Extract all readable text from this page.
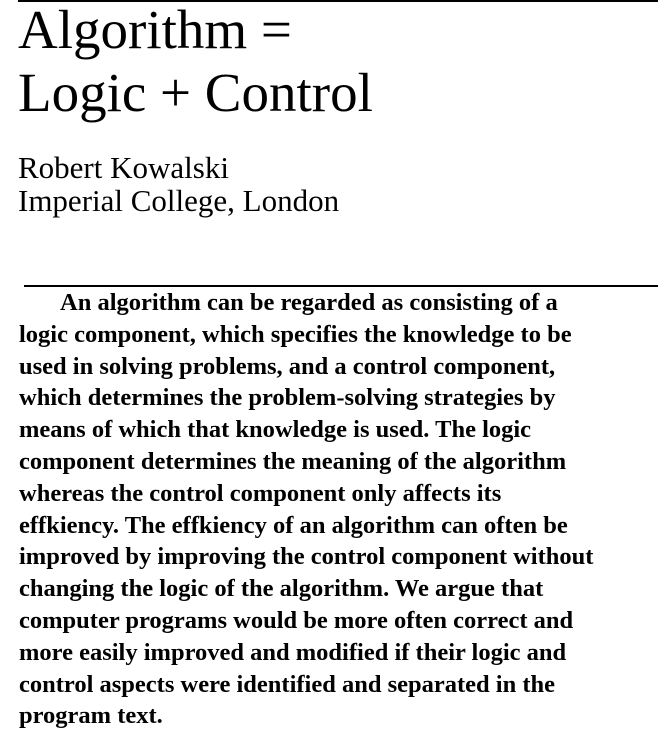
Algorithm =
Logic + Control
Robert Kowalski
Imperial College, London
An algorithm can be regarded as consisting of a
logic component, which specifies the knowledge to be
used in solving problems, and a control component,
which determines the problem-solving strategies by
means of which that knowledge is used. The logic
component determines the meaning of the algorithm
whereas the control component only affects its
effkiency. The effkiency of an algorithm can often be
improved by improving the control component without
changing the logic of the algorithm. We argue that
computer programs would be more often correct and
more easily improved and modified if their logic and
control aspects were identified and separated in the
program text.
